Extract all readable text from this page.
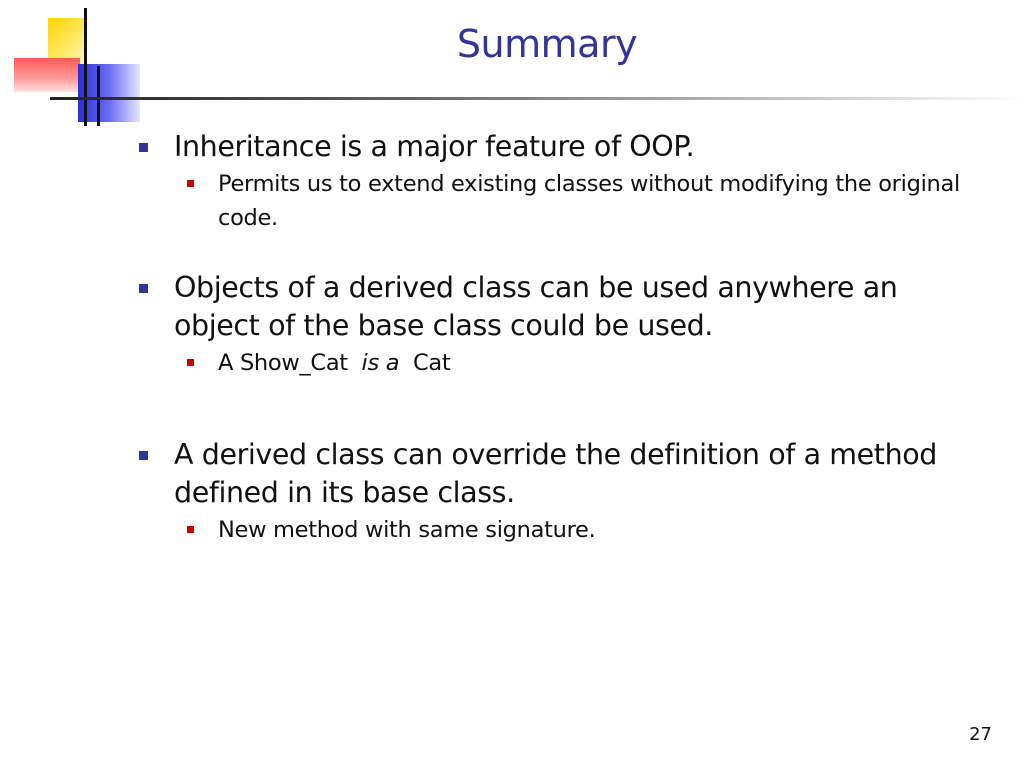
Summary
Inheritance is a major feature of OOP.
Permits us to extend existing classes without modifying the original code.
Objects of a derived class can be used anywhere an object of the base class could be used.
A Show_Cat is a Cat
A derived class can override the definition of a method defined in its base class.
New method with same signature.
27
